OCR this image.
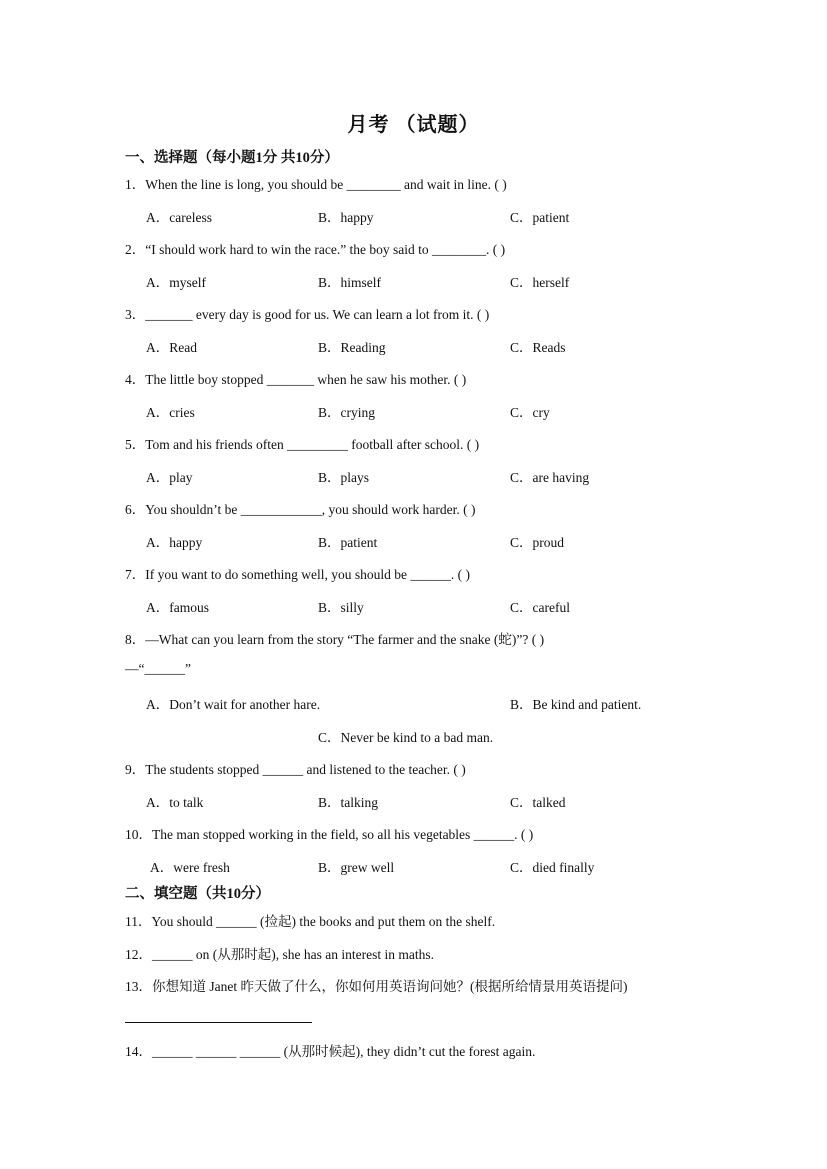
月考 （试题）
一、选择题（每小题1分 共10分）
1．When the line is long, you should be ________ and wait in line. ( )
A．careless	B．happy	C．patient
2．“I should work hard to win the race.” the boy said to ________. ( )
A．myself	B．himself	C．herself
3．_______ every day is good for us. We can learn a lot from it. ( )
A．Read	B．Reading	C．Reads
4．The little boy stopped _______ when he saw his mother. ( )
A．cries	B．crying	C．cry
5．Tom and his friends often _________ football after school. ( )
A．play	B．plays	C．are having
6．You shouldn’t be ____________, you should work harder. ( )
A．happy	B．patient	C．proud
7．If you want to do something well, you should be ______. ( )
A．famous	B．silly	C．careful
8．—What can you learn from the story “The farmer and the snake (蛇)”? ( )
—“______”
A．Don’t wait for another hare.	B．Be kind and patient.
C．Never be kind to a bad man.
9．The students stopped ______ and listened to the teacher. ( )
A．to talk	B．talking	C．talked
10．The man stopped working in the field, so all his vegetables ______. ( )
A．were fresh	B．grew well	C．died finally
二、填空题（共10分）
11．You should ______ (捡起) the books and put them on the shelf.
12．______ on (从那时起), she has an interest in maths.
13．你想知道 Janet 昨天做了什么，你如何用英语询问她？(根据所给情景用英语提问)
14．______ ______ ______ (从那时候起), they didn’t cut the forest again.
